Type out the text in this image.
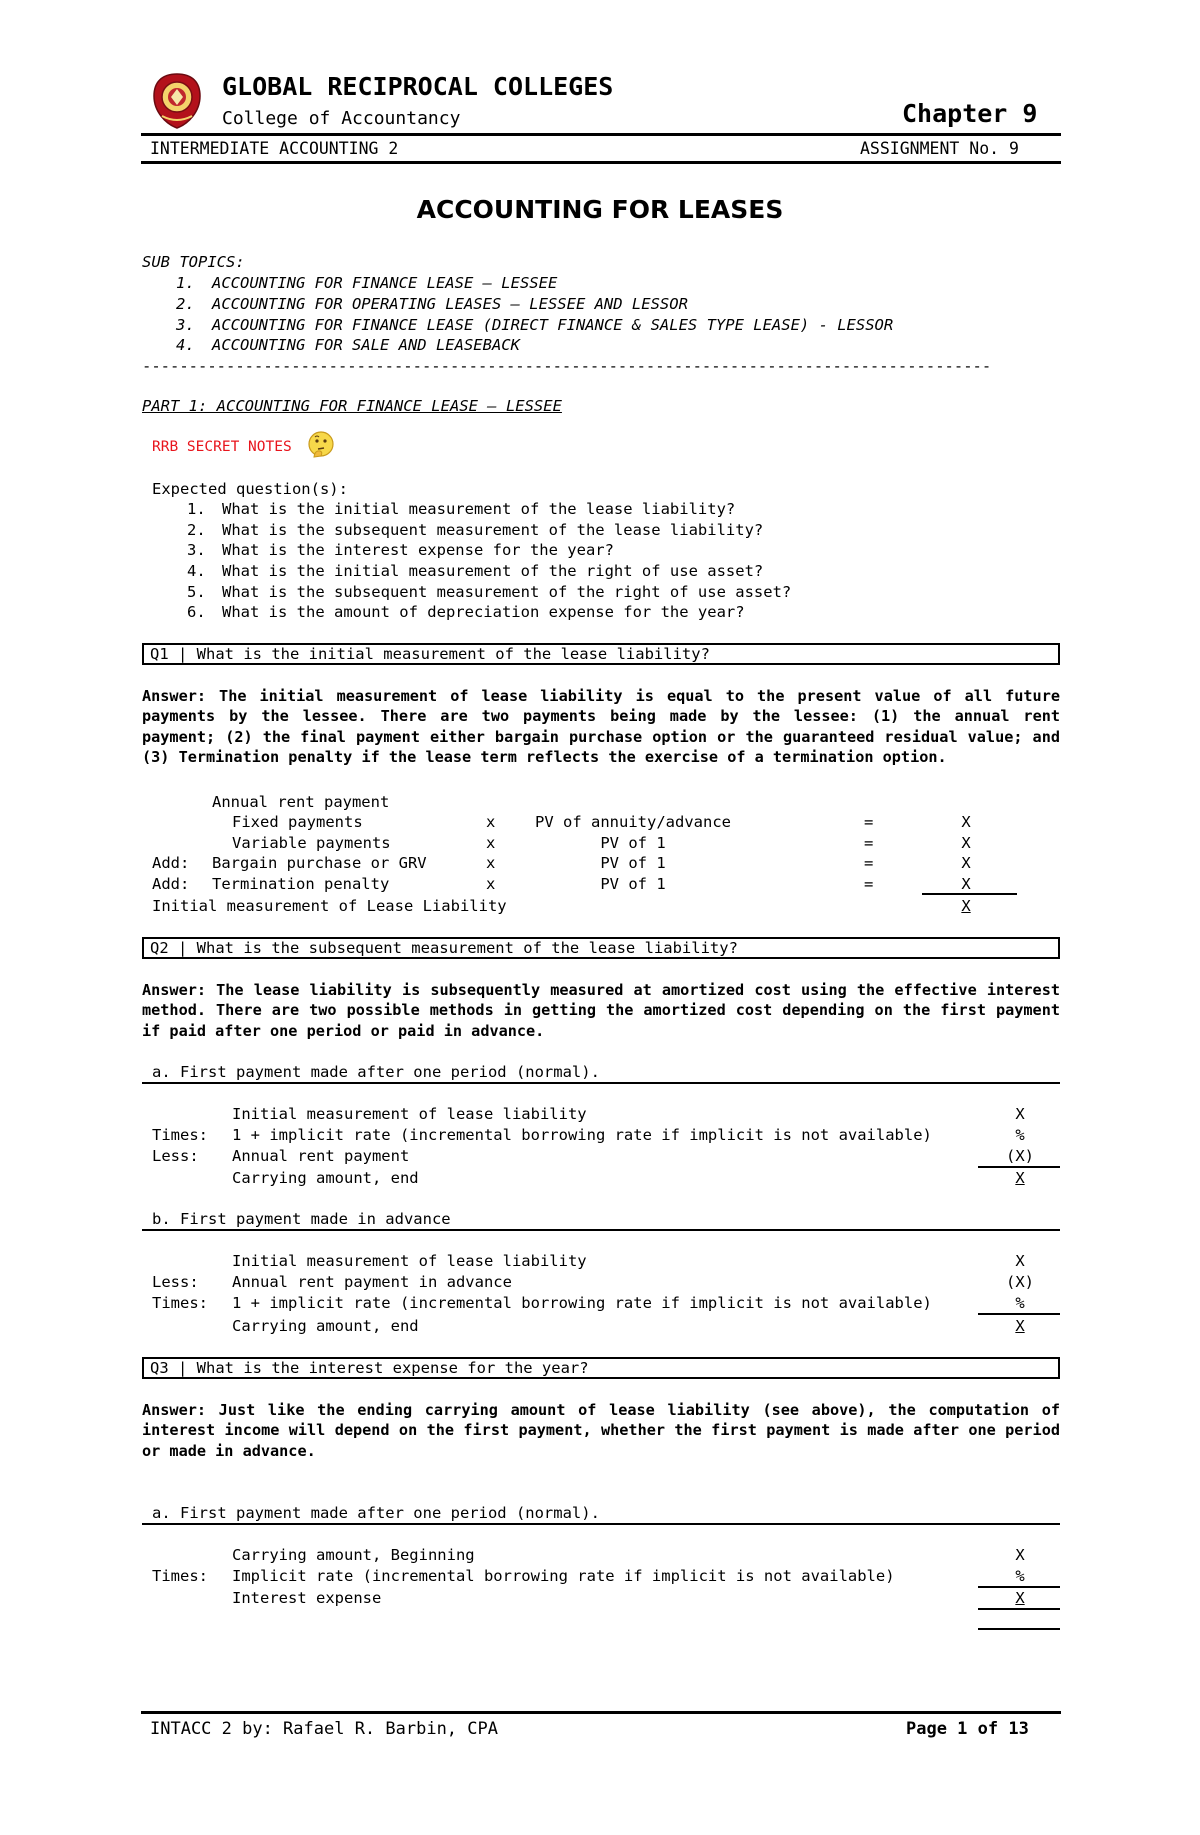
GLOBAL RECIPROCAL COLLEGES
College of Accountancy	Chapter 9
INTERMEDIATE ACCOUNTING 2	ASSIGNMENT No. 9
ACCOUNTING FOR LEASES
SUB TOPICS:
1. ACCOUNTING FOR FINANCE LEASE – LESSEE
2. ACCOUNTING FOR OPERATING LEASES – LESSEE AND LESSOR
3. ACCOUNTING FOR FINANCE LEASE (DIRECT FINANCE & SALES TYPE LEASE) - LESSOR
4. ACCOUNTING FOR SALE AND LEASEBACK
-------------------------------------------------------------------------------------------
PART 1: ACCOUNTING FOR FINANCE LEASE – LESSEE
RRB SECRET NOTES
Expected question(s):
1. What is the initial measurement of the lease liability?
2. What is the subsequent measurement of the lease liability?
3. What is the interest expense for the year?
4. What is the initial measurement of the right of use asset?
5. What is the subsequent measurement of the right of use asset?
6. What is the amount of depreciation expense for the year?
Q1 | What is the initial measurement of the lease liability?
Answer: The initial measurement of lease liability is equal to the present value of all future payments by the lessee. There are two payments being made by the lessee: (1) the annual rent payment; (2) the final payment either bargain purchase option or the guaranteed residual value; and (3) Termination penalty if the lease term reflects the exercise of a termination option.
Annual rent payment
Fixed payments	x	PV of annuity/advance	=	X
Variable payments	x	PV of 1	=	X
Add: Bargain purchase or GRV	x	PV of 1	=	X
Add: Termination penalty	x	PV of 1	=	X
Initial measurement of Lease Liability	X
Q2 | What is the subsequent measurement of the lease liability?
Answer: The lease liability is subsequently measured at amortized cost using the effective interest method. There are two possible methods in getting the amortized cost depending on the first payment if paid after one period or paid in advance.
a. First payment made after one period (normal).
Initial measurement of lease liability	X
Times: 1 + implicit rate (incremental borrowing rate if implicit is not available)	%
Less: Annual rent payment	(X)
Carrying amount, end	X
b. First payment made in advance
Initial measurement of lease liability	X
Less: Annual rent payment in advance	(X)
Times: 1 + implicit rate (incremental borrowing rate if implicit is not available)	%
Carrying amount, end	X
Q3 | What is the interest expense for the year?
Answer: Just like the ending carrying amount of lease liability (see above), the computation of interest income will depend on the first payment, whether the first payment is made after one period or made in advance.
a. First payment made after one period (normal).
Carrying amount, Beginning	X
Times: Implicit rate (incremental borrowing rate if implicit is not available)	%
Interest expense	X
INTACC 2 by: Rafael R. Barbin, CPA	Page 1 of 13
